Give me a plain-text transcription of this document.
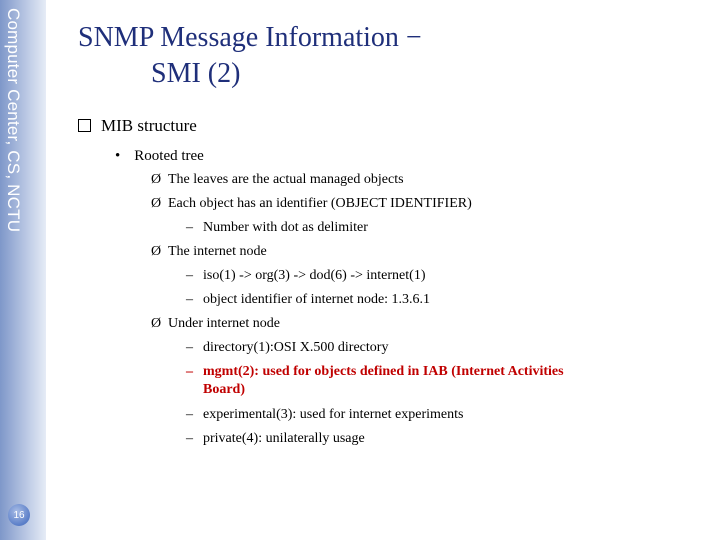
Computer Center, CS, NCTU
16
SNMP Message Information −
SMI (2)
MIB structure
• Rooted tree
Ø The leaves are the actual managed objects
Ø Each object has an identifier (OBJECT IDENTIFIER)
– Number with dot as delimiter
Ø The internet node
– iso(1) -> org(3) -> dod(6) -> internet(1)
– object identifier of internet node: 1.3.6.1
Ø Under internet node
– directory(1):OSI X.500 directory
– mgmt(2): used for objects defined in IAB (Internet Activities
Board)
– experimental(3): used for internet experiments
– private(4): unilaterally usage
